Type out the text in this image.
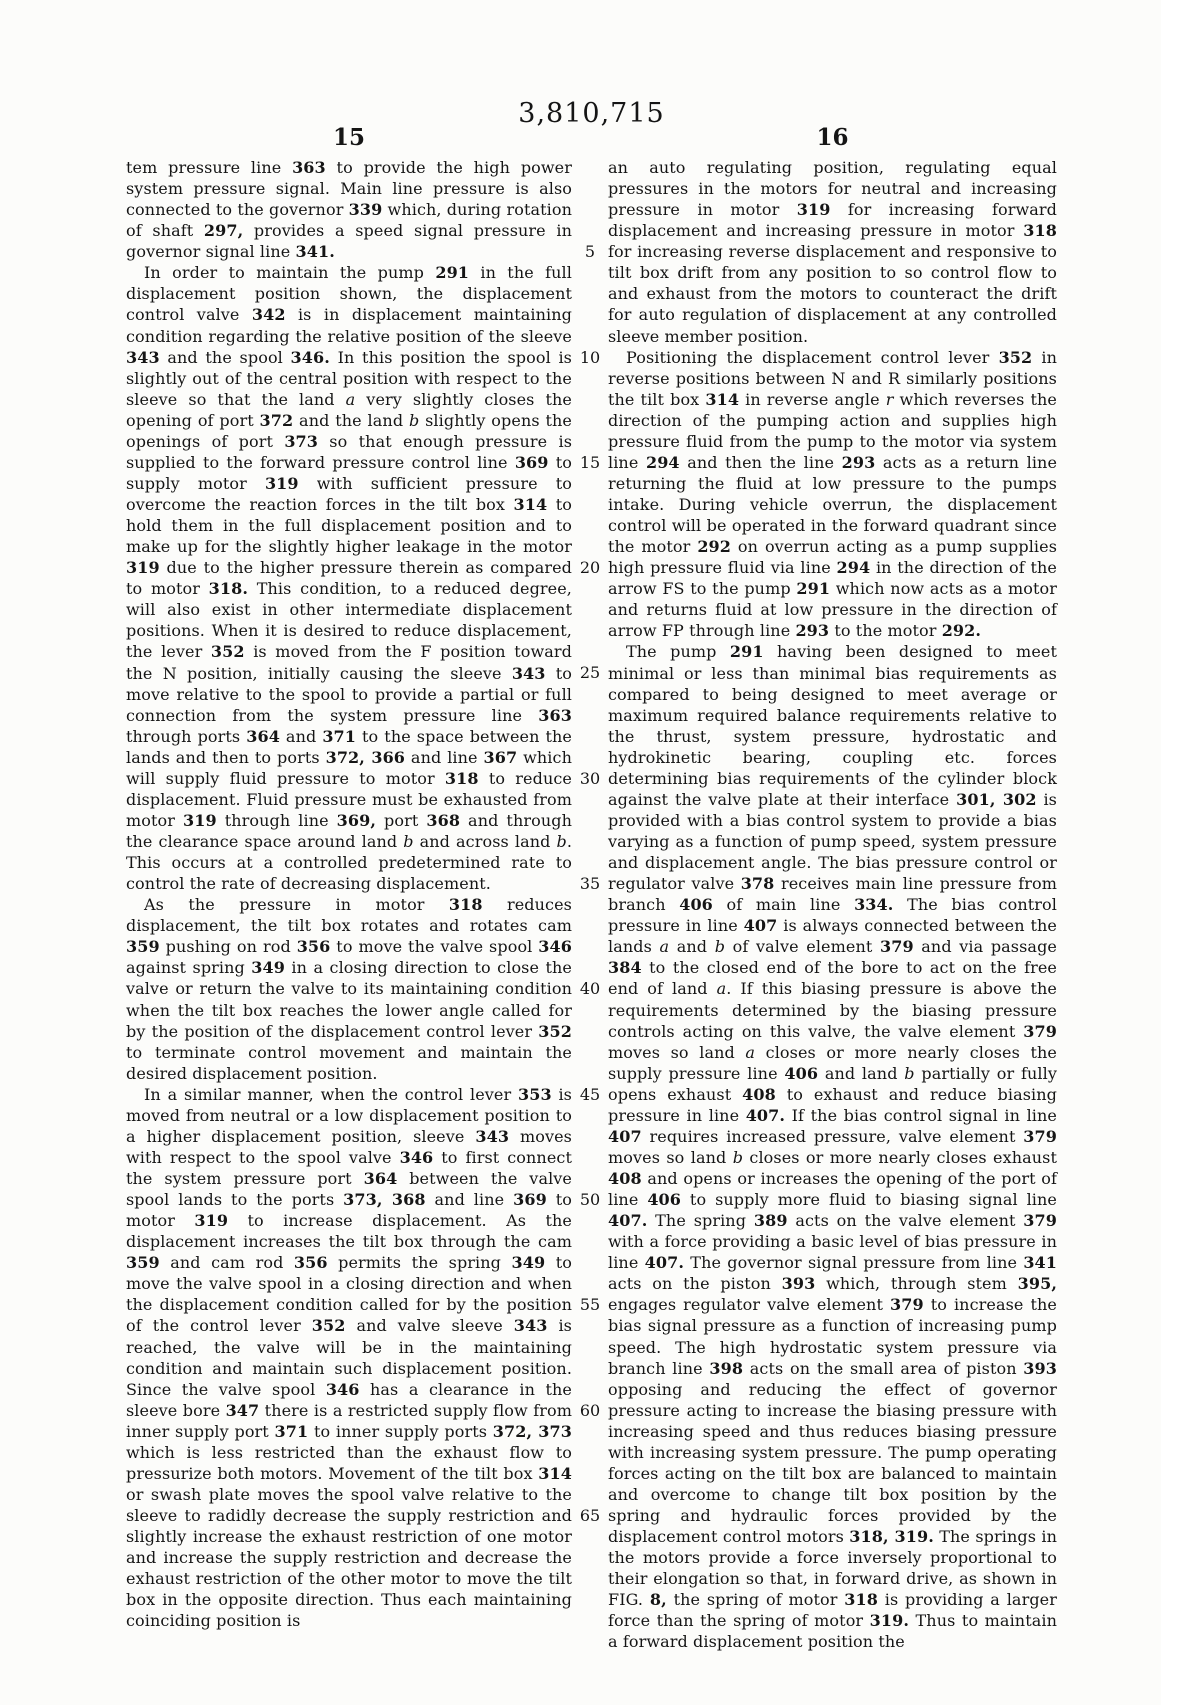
3,810,715
15	16

tem pressure line 363 to provide the high power system pressure signal. Main line pressure is also connected to the governor 339 which, during rotation of shaft 297, provides a speed signal pressure in governor signal line 341.

In order to maintain the pump 291 in the full displacement position shown, the displacement control valve 342 is in displacement maintaining condition regarding the relative position of the sleeve 343 and the spool 346. In this position the spool is slightly out of the central position with respect to the sleeve so that the land a very slightly closes the opening of port 372 and the land b slightly opens the openings of port 373 so that enough pressure is supplied to the forward pressure control line 369 to supply motor 319 with sufficient pressure to overcome the reaction forces in the tilt box 314 to hold them in the full displacement position and to make up for the slightly higher leakage in the motor 319 due to the higher pressure therein as compared to motor 318. This condition, to a reduced degree, will also exist in other intermediate displacement positions. When it is desired to reduce displacement, the lever 352 is moved from the F position toward the N position, initially causing the sleeve 343 to move relative to the spool to provide a partial or full connection from the system pressure line 363 through ports 364 and 371 to the space between the lands and then to ports 372, 366 and line 367 which will supply fluid pressure to motor 318 to reduce displacement. Fluid pressure must be exhausted from motor 319 through line 369, port 368 and through the clearance space around land b and across land b. This occurs at a controlled predetermined rate to control the rate of decreasing displacement.

As the pressure in motor 318 reduces displacement, the tilt box rotates and rotates cam 359 pushing on rod 356 to move the valve spool 346 against spring 349 in a closing direction to close the valve or return the valve to its maintaining condition when the tilt box reaches the lower angle called for by the position of the displacement control lever 352 to terminate control movement and maintain the desired displacement position.

In a similar manner, when the control lever 353 is moved from neutral or a low displacement position to a higher displacement position, sleeve 343 moves with respect to the spool valve 346 to first connect the system pressure port 364 between the valve spool lands to the ports 373, 368 and line 369 to motor 319 to increase displacement. As the displacement increases the tilt box through the cam 359 and cam rod 356 permits the spring 349 to move the valve spool in a closing direction and when the displacement condition called for by the position of the control lever 352 and valve sleeve 343 is reached, the valve will be in the maintaining condition and maintain such displacement position. Since the valve spool 346 has a clearance in the sleeve bore 347 there is a restricted supply flow from inner supply port 371 to inner supply ports 372, 373 which is less restricted than the exhaust flow to pressurize both motors. Movement of the tilt box 314 or swash plate moves the spool valve relative to the sleeve to radidly decrease the supply restriction and slightly increase the exhaust restriction of one motor and increase the supply restriction and decrease the exhaust restriction of the other motor to move the tilt box in the opposite direction. Thus each maintaining coinciding position is

5
10
15
20
25
30
35
40
45
50
55
60
65

an auto regulating position, regulating equal pressures in the motors for neutral and increasing pressure in motor 319 for increasing forward displacement and increasing pressure in motor 318 for increasing reverse displacement and responsive to tilt box drift from any position to so control flow to and exhaust from the motors to counteract the drift for auto regulation of displacement at any controlled sleeve member position.

Positioning the displacement control lever 352 in reverse positions between N and R similarly positions the tilt box 314 in reverse angle r which reverses the direction of the pumping action and supplies high pressure fluid from the pump to the motor via system line 294 and then the line 293 acts as a return line returning the fluid at low pressure to the pumps intake. During vehicle overrun, the displacement control will be operated in the forward quadrant since the motor 292 on overrun acting as a pump supplies high pressure fluid via line 294 in the direction of the arrow FS to the pump 291 which now acts as a motor and returns fluid at low pressure in the direction of arrow FP through line 293 to the motor 292.

The pump 291 having been designed to meet minimal or less than minimal bias requirements as compared to being designed to meet average or maximum required balance requirements relative to the thrust, system pressure, hydrostatic and hydrokinetic bearing, coupling etc. forces determining bias requirements of the cylinder block against the valve plate at their interface 301, 302 is provided with a bias control system to provide a bias varying as a function of pump speed, system pressure and displacement angle. The bias pressure control or regulator valve 378 receives main line pressure from branch 406 of main line 334. The bias control pressure in line 407 is always connected between the lands a and b of valve element 379 and via passage 384 to the closed end of the bore to act on the free end of land a. If this biasing pressure is above the requirements determined by the biasing pressure controls acting on this valve, the valve element 379 moves so land a closes or more nearly closes the supply pressure line 406 and land b partially or fully opens exhaust 408 to exhaust and reduce biasing pressure in line 407. If the bias control signal in line 407 requires increased pressure, valve element 379 moves so land b closes or more nearly closes exhaust 408 and opens or increases the opening of the port of line 406 to supply more fluid to biasing signal line 407. The spring 389 acts on the valve element 379 with a force providing a basic level of bias pressure in line 407. The governor signal pressure from line 341 acts on the piston 393 which, through stem 395, engages regulator valve element 379 to increase the bias signal pressure as a function of increasing pump speed. The high hydrostatic system pressure via branch line 398 acts on the small area of piston 393 opposing and reducing the effect of governor pressure acting to increase the biasing pressure with increasing speed and thus reduces biasing pressure with increasing system pressure. The pump operating forces acting on the tilt box are balanced to maintain and overcome to change tilt box position by the spring and hydraulic forces provided by the displacement control motors 318, 319. The springs in the motors provide a force inversely proportional to their elongation so that, in forward drive, as shown in FIG. 8, the spring of motor 318 is providing a larger force than the spring of motor 319. Thus to maintain a forward displacement position the
